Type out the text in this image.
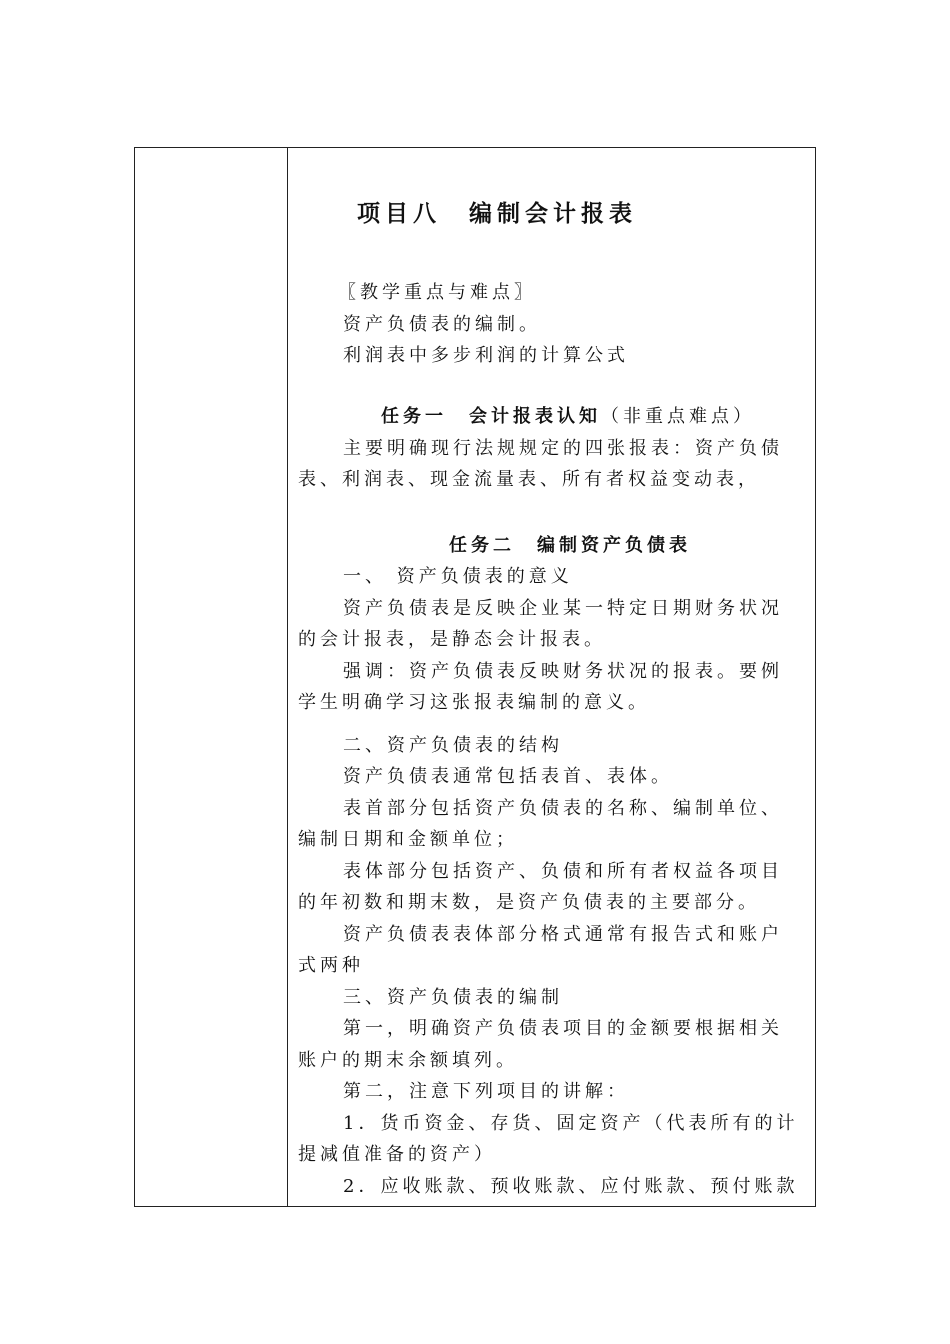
项目八　编制会计报表
〖教学重点与难点〗
资产负债表的编制。
利润表中多步利润的计算公式
任务一　会计报表认知（非重点难点）
主要明确现行法规规定的四张报表：资产负债
表、利润表、现金流量表、所有者权益变动表，
任务二　编制资产负债表
一、 资产负债表的意义
资产负债表是反映企业某一特定日期财务状况
的会计报表，是静态会计报表。
强调：资产负债表反映财务状况的报表。要例
学生明确学习这张报表编制的意义。
二、资产负债表的结构
资产负债表通常包括表首、表体。
表首部分包括资产负债表的名称、编制单位、
编制日期和金额单位；
表体部分包括资产、负债和所有者权益各项目
的年初数和期末数，是资产负债表的主要部分。
资产负债表表体部分格式通常有报告式和账户
式两种
三、资产负债表的编制
第一，明确资产负债表项目的金额要根据相关
账户的期末余额填列。
第二，注意下列项目的讲解：
1．货币资金、存货、固定资产（代表所有的计
提减值准备的资产）
2．应收账款、预收账款、应付账款、预付账款
